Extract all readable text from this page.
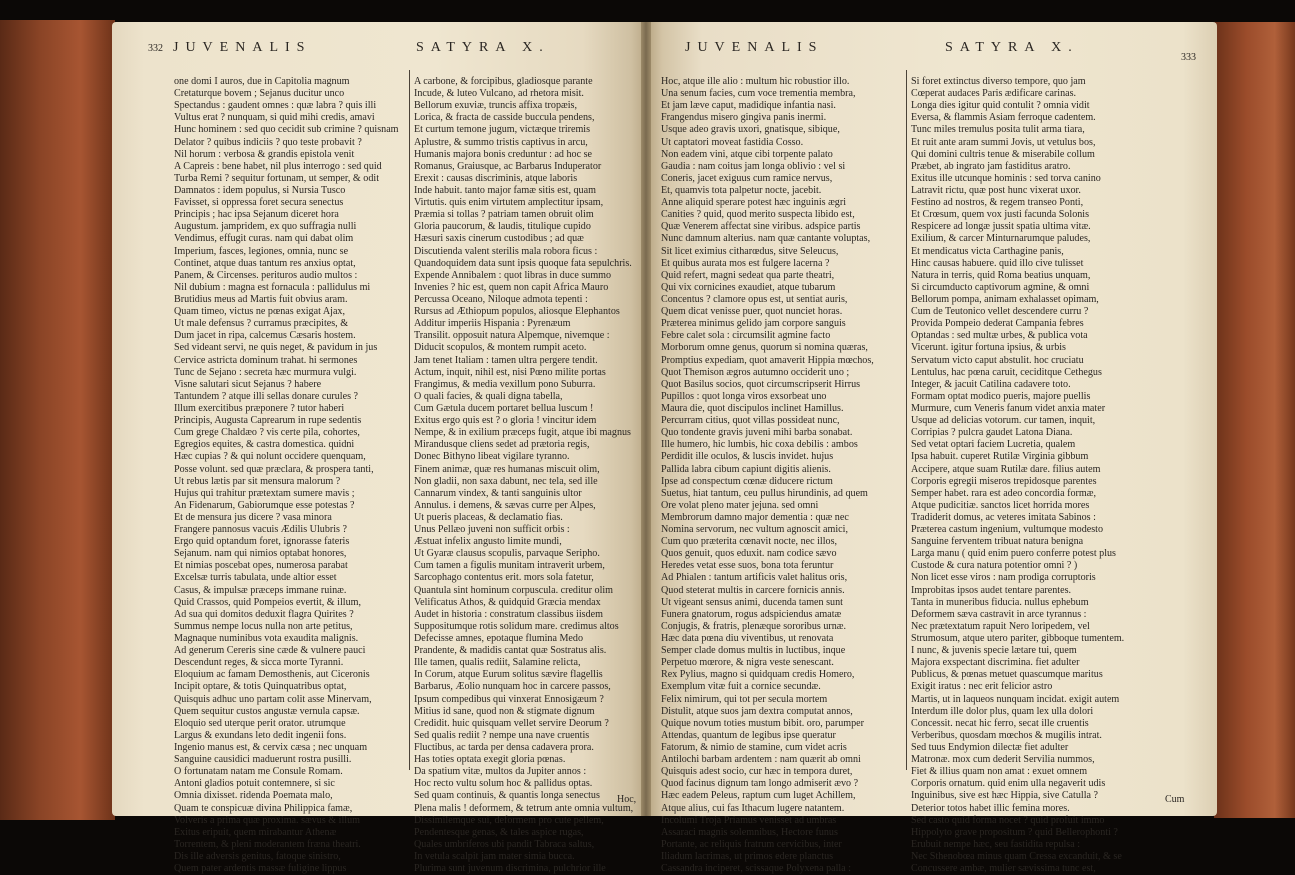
332 JUVENALIS	SATYRA X.
one domi I auros, due in Capitolia magnum
Cretaturque bovem ; Sejanus ducitur unco
Spectandus : gaudent omnes : quæ labra ? quis illi
Vultus erat ? nunquam, si quid mihi credis, amavi
Hunc hominem : sed quo cecidit sub crimine ? quisnam
Delator ? quibus indiciis ? quo teste probavit ?
Nil horum : verbosa & grandis epistola venit
A Capreis : bene habet, nil plus interrogo : sed quid
Turba Remi ? sequitur fortunam, ut semper, & odit
Damnatos : idem populus, si Nursia Tusco
Favisset, si oppressa foret secura senectus
Principis ; hac ipsa Sejanum diceret hora
Augustum. jampridem, ex quo suffragia nulli
Vendimus, effugit curas. nam qui dabat olim
Imperium, fasces, legiones, omnia, nunc se
Continet, atque duas tantum res anxius optat,
Panem, & Circenses. perituros audio multos :
Nil dubium : magna est fornacula : pallidulus mi
Brutidius meus ad Martis fuit obvius aram.
Quam timeo, victus ne pœnas exigat Ajax,
Ut male defensus ? curramus præcipites, &
Dum jacet in ripa, calcemus Cæsaris hostem.
Sed videant servi, ne quis neget, & pavidum in jus
Cervice astricta dominum trahat. hi sermones
Tunc de Sejano : secreta hæc murmura vulgi.
Visne salutari sicut Sejanus ? habere
Tantundem ? atque illi sellas donare curules ?
Illum exercitibus præponere ? tutor haberi
Principis, Augusta Caprearum in rupe sedentis
Cum grege Chaldæo ? vis certe pila, cohortes,
Egregios equites, & castra domestica. quidni
Hæc cupias ? & qui nolunt occidere quenquam,
Posse volunt. sed quæ præclara, & prospera tanti,
Ut rebus lætis par sit mensura malorum ?
Hujus qui trahitur prætextam sumere mavis ;
An Fidenarum, Gabiorumque esse potestas ?
Et de mensura jus dicere ? vasa minora
Frangere pannosus vacuis Ædilis Ulubris ?
Ergo quid optandum foret, ignorasse fateris
Sejanum. nam qui nimios optabat honores,
Et nimias poscebat opes, numerosa parabat
Excelsæ turris tabulata, unde altior esset
Casus, & impulsæ præceps immane ruinæ.
Quid Crassos, quid Pompeios evertit, & illum,
Ad sua qui domitos deduxit flagra Quirites ?
Summus nempe locus nulla non arte petitus,
Magnaque numinibus vota exaudita malignis.
Ad generum Cereris sine cæde & vulnere pauci
Descendunt reges, & sicca morte Tyranni.
Eloquium ac famam Demosthenis, aut Ciceronis
Incipit optare, & totis Quinquatribus optat,
Quisquis adhuc uno partam colit asse Minervam,
Quem sequitur custos angustæ vernula capsæ.
Eloquio sed uterque perit orator. utrumque
Largus & exundans leto dedit ingenii fons.
Ingenio manus est, & cervix cæsa ; nec unquam
Sanguine causidici maduerunt rostra pusilli.
O fortunatam natam me Consule Romam.
Antoni gladios potuit contemnere, si sic
Omnia dixisset. ridenda Poemata malo,
Quam te conspicuæ divina Philippica famæ,
Volveris a prima quæ proxima. sævus & illum
Exitus eripuit, quem mirabantur Athenæ
Torrentem, & pleni moderantem fræna theatri.
Dis ille adversis genitus, fatoque sinistro,
Quem pater ardentis massæ fuligine lippus
A carbone, & forcipibus, gladiosque parante
Incude, & luteo Vulcano, ad rhetora misit.
Bellorum exuviæ, truncis affixa tropæis,
Lorica, & fracta de casside buccula pendens,
Et curtum temone jugum, victæque triremis
Aplustre, & summo tristis captivus in arcu,
Humanis majora bonis creduntur : ad hoc se
Romanus, Graiusque, ac Barbarus Induperator
Erexit : causas discriminis, atque laboris
Inde habuit. tanto major famæ sitis est, quam
Virtutis. quis enim virtutem amplectitur ipsam,
Præmia si tollas ? patriam tamen obruit olim
Gloria paucorum, & laudis, titulique cupido
Hæsuri saxis cinerum custodibus ; ad quæ
Discutienda valent sterilis mala robora ficus :
Quandoquidem data sunt ipsis quoque fata sepulchris.
Expende Annibalem : quot libras in duce summo
Invenies ? hic est, quem non capit Africa Mauro
Percussa Oceano, Niloque admota tepenti :
Rursus ad Æthiopum populos, aliosque Elephantos
Additur imperiis Hispania : Pyrenæum
Transilit. opposuit natura Alpemque, nivemque :
Diducit scopulos, & montem rumpit aceto.
Jam tenet Italiam : tamen ultra pergere tendit.
Actum, inquit, nihil est, nisi Pœno milite portas
Frangimus, & media vexillum pono Suburra.
O quali facies, & quali digna tabella,
Cum Gætula ducem portaret bellua luscum !
Exitus ergo quis est ? o gloria ! vincitur idem
Nempe, & in exilium præceps fugit, atque ibi magnus
Mirandusque cliens sedet ad prætoria regis,
Donec Bithyno libeat vigilare tyranno.
Finem animæ, quæ res humanas miscuit olim,
Non gladii, non saxa dabunt, nec tela, sed ille
Cannarum vindex, & tanti sanguinis ultor
Annulus. i demens, & sævas curre per Alpes,
Ut pueris placeas, & declamatio fias.
Unus Pellæo juveni non sufficit orbis :
Æstuat infelix angusto limite mundi,
Ut Gyaræ clausus scopulis, parvaque Seripho.
Cum tamen a figulis munitam intraverit urbem,
Sarcophago contentus erit. mors sola fatetur,
Quantula sint hominum corpuscula. creditur olim
Velificatus Athos, & quidquid Græcia mendax
Audet in historia : constratum classibus iisdem
Suppositumque rotis solidum mare. credimus altos
Defecisse amnes, epotaque flumina Medo
Prandente, & madidis cantat quæ Sostratus alis.
Ille tamen, qualis rediit, Salamine relicta,
In Corum, atque Eurum solitus sævire flagellis
Barbarus, Æolio nunquam hoc in carcere passos,
Ipsum compedibus qui vinxerat Ennosigæum ?
Mitius id sane, quod non & stigmate dignum
Credidit. huic quisquam vellet servire Deorum ?
Sed qualis rediit ? nempe una nave cruentis
Fluctibus, ac tarda per densa cadavera prora.
Has toties optata exegit gloria pœnas.
Da spatium vitæ, multos da Jupiter annos :
Hoc recto vultu solum hoc & pallidus optas.
Sed quam continuis, & quantis longa senectus
Plena malis ! deformem, & tetrum ante omnia vultum,
Dissimilemque sui, deformem pro cute pellem,
Pendentesque genas, & tales aspice rugas,
Quales umbriferos ubi pandit Tabraca saltus,
In vetula scalpit jam mater simia bucca.
Plurima sunt juvenum discrimina, pulchrior ille
Hoc,
JUVENALIS	SATYRA X.
333
Hoc, atque ille alio : multum hic robustior illo.
Una senum facies, cum voce trementia membra,
Et jam læve caput, madidique infantia nasi.
Frangendus misero gingiva panis inermi.
Usque adeo gravis uxori, gnatisque, sibique,
Ut captatori moveat fastidia Cosso.
Non eadem vini, atque cibi torpente palato
Gaudia : nam coitus jam longa oblivio : vel si
Coneris, jacet exiguus cum ramice nervus,
Et, quamvis tota palpetur nocte, jacebit.
Anne aliquid sperare potest hæc inguinis ægri
Canities ? quid, quod merito suspecta libido est,
Quæ Venerem affectat sine viribus. adspice partis
Nunc damnum alterius. nam quæ cantante voluptas,
Sit licet eximius citharœdus, sitve Seleucus,
Et quibus aurata mos est fulgere lacerna ?
Quid refert, magni sedeat qua parte theatri,
Qui vix cornicines exaudiet, atque tubarum
Concentus ? clamore opus est, ut sentiat auris,
Quem dicat venisse puer, quot nunciet horas.
Præterea minimus gelido jam corpore sanguis
Febre calet sola : circumsilit agmine facto
Morborum omne genus, quorum si nomina quæras,
Promptius expediam, quot amaverit Hippia mœchos,
Quot Themison ægros autumno occiderit uno ;
Quot Basilus socios, quot circumscripserit Hirrus
Pupillos : quot longa viros exsorbeat uno
Maura die, quot discipulos inclinet Hamillus.
Percurram citius, quot villas possideat nunc,
Quo tondente gravis juveni mihi barba sonabat.
Ille humero, hic lumbis, hic coxa debilis : ambos
Perdidit ille oculos, & luscis invidet. hujus
Pallida labra cibum capiunt digitis alienis.
Ipse ad conspectum cœnæ diducere rictum
Suetus, hiat tantum, ceu pullus hirundinis, ad quem
Ore volat pleno mater jejuna. sed omni
Membrorum damno major dementia : quæ nec
Nomina servorum, nec vultum agnoscit amici,
Cum quo præterita cœnavit nocte, nec illos,
Quos genuit, quos eduxit. nam codice sævo
Heredes vetat esse suos, bona tota feruntur
Ad Phialen : tantum artificis valet halitus oris,
Quod steterat multis in carcere fornicis annis.
Ut vigeant sensus animi, ducenda tamen sunt
Funera gnatorum, rogus adspiciendus amatæ
Conjugis, & fratris, plenæque sororibus urnæ.
Hæc data pœna diu viventibus, ut renovata
Semper clade domus multis in luctibus, inque
Perpetuo mœrore, & nigra veste senescant.
Rex Pylius, magno si quidquam credis Homero,
Exemplum vitæ fuit a cornice secundæ.
Felix nimirum, qui tot per secula mortem
Distulit, atque suos jam dextra computat annos,
Quique novum toties mustum bibit. oro, parumper
Attendas, quantum de legibus ipse queratur
Fatorum, & nimio de stamine, cum videt acris
Antilochi barbam ardentem : nam quærit ab omni
Quisquis adest socio, cur hæc in tempora duret,
Quod facinus dignum tam longo admiserit ævo ?
Hæc eadem Peleus, raptum cum luget Achillem,
Atque alius, cui fas Ithacum lugere natantem.
Incolumi Troja Priamus venisset ad umbras
Assaraci magnis solemnibus, Hectore funus
Portante, ac reliquis fratrum cervicibus, inter
Iliadum lacrimas, ut primos edere planctus
Cassandra inciperet, scissaque Polyxena palla :
Si foret extinctus diverso tempore, quo jam
Cœperat audaces Paris ædificare carinas.
Longa dies igitur quid contulit ? omnia vidit
Eversa, & flammis Asiam ferroque cadentem.
Tunc miles tremulus posita tulit arma tiara,
Et ruit ante aram summi Jovis, ut vetulus bos,
Qui domini cultris tenue & miserabile collum
Præbet, ab ingrato jam fastiditus aratro.
Exitus ille utcunque hominis : sed torva canino
Latravit rictu, quæ post hunc vixerat uxor.
Festino ad nostros, & regem transeo Ponti,
Et Crœsum, quem vox justi facunda Solonis
Respicere ad longæ jussit spatia ultima vitæ.
Exilium, & carcer Minturnarumque paludes,
Et mendicatus victa Carthagine panis,
Hinc causas habuere. quid illo cive tulisset
Natura in terris, quid Roma beatius unquam,
Si circumducto captivorum agmine, & omni
Bellorum pompa, animam exhalasset opimam,
Cum de Teutonico vellet descendere curru ?
Provida Pompeio dederat Campania febres
Optandas : sed multæ urbes, & publica vota
Vicerunt. igitur fortuna ipsius, & urbis
Servatum victo caput abstulit. hoc cruciatu
Lentulus, hac pœna caruit, ceciditque Cethegus
Integer, & jacuit Catilina cadavere toto.
Formam optat modico pueris, majore puellis
Murmure, cum Veneris fanum videt anxia mater
Usque ad delicias votorum. cur tamen, inquit,
Corripias ? pulcra gaudet Latona Diana.
Sed vetat optari faciem Lucretia, qualem
Ipsa habuit. cuperet Rutilæ Virginia gibbum
Accipere, atque suam Rutilæ dare. filius autem
Corporis egregii miseros trepidosque parentes
Semper habet. rara est adeo concordia formæ,
Atque pudicitiæ. sanctos licet horrida mores
Tradiderit domus, ac veteres imitata Sabinos :
Præterea castum ingenium, vultumque modesto
Sanguine ferventem tribuat natura benigna
Larga manu ( quid enim puero conferre potest plus
Custode & cura natura potentior omni ? )
Non licet esse viros : nam prodiga corruptoris
Improbitas ipsos audet tentare parentes.
Tanta in muneribus fiducia. nullus ephebum
Deformem sæva castravit in arce tyrannus :
Nec prætextatum rapuit Nero loripedem, vel
Strumosum, atque utero pariter, gibboque tumentem.
I nunc, & juvenis specie lætare tui, quem
Majora exspectant discrimina. fiet adulter
Publicus, & pœnas metuet quascumque maritus
Exigit iratus : nec erit felicior astro
Martis, ut in laqueos nunquam incidat. exigit autem
Interdum ille dolor plus, quam lex ulla dolori
Concessit. necat hic ferro, secat ille cruentis
Verberibus, quosdam mœchos & mugilis intrat.
Sed tuus Endymion dilectæ fiet adulter
Matronæ. mox cum dederit Servilia nummos,
Fiet & illius quam non amat : exuet omnem
Corporis ornatum. quid enim ulla negaverit udis
Inguinibus, sive est hæc Hippia, sive Catulla ?
Deterior totos habet illic femina mores.
Sed casto quid forma nocet ? quid profuit immo
Hippolyto grave propositum ? quid Bellerophonti ?
Erubuit nempe hæc, seu fastidita repulsa :
Nec Sthenobœa minus quam Cressa excanduit, & se
Concussere ambæ, mulier sævissima tunc est,
Cum
